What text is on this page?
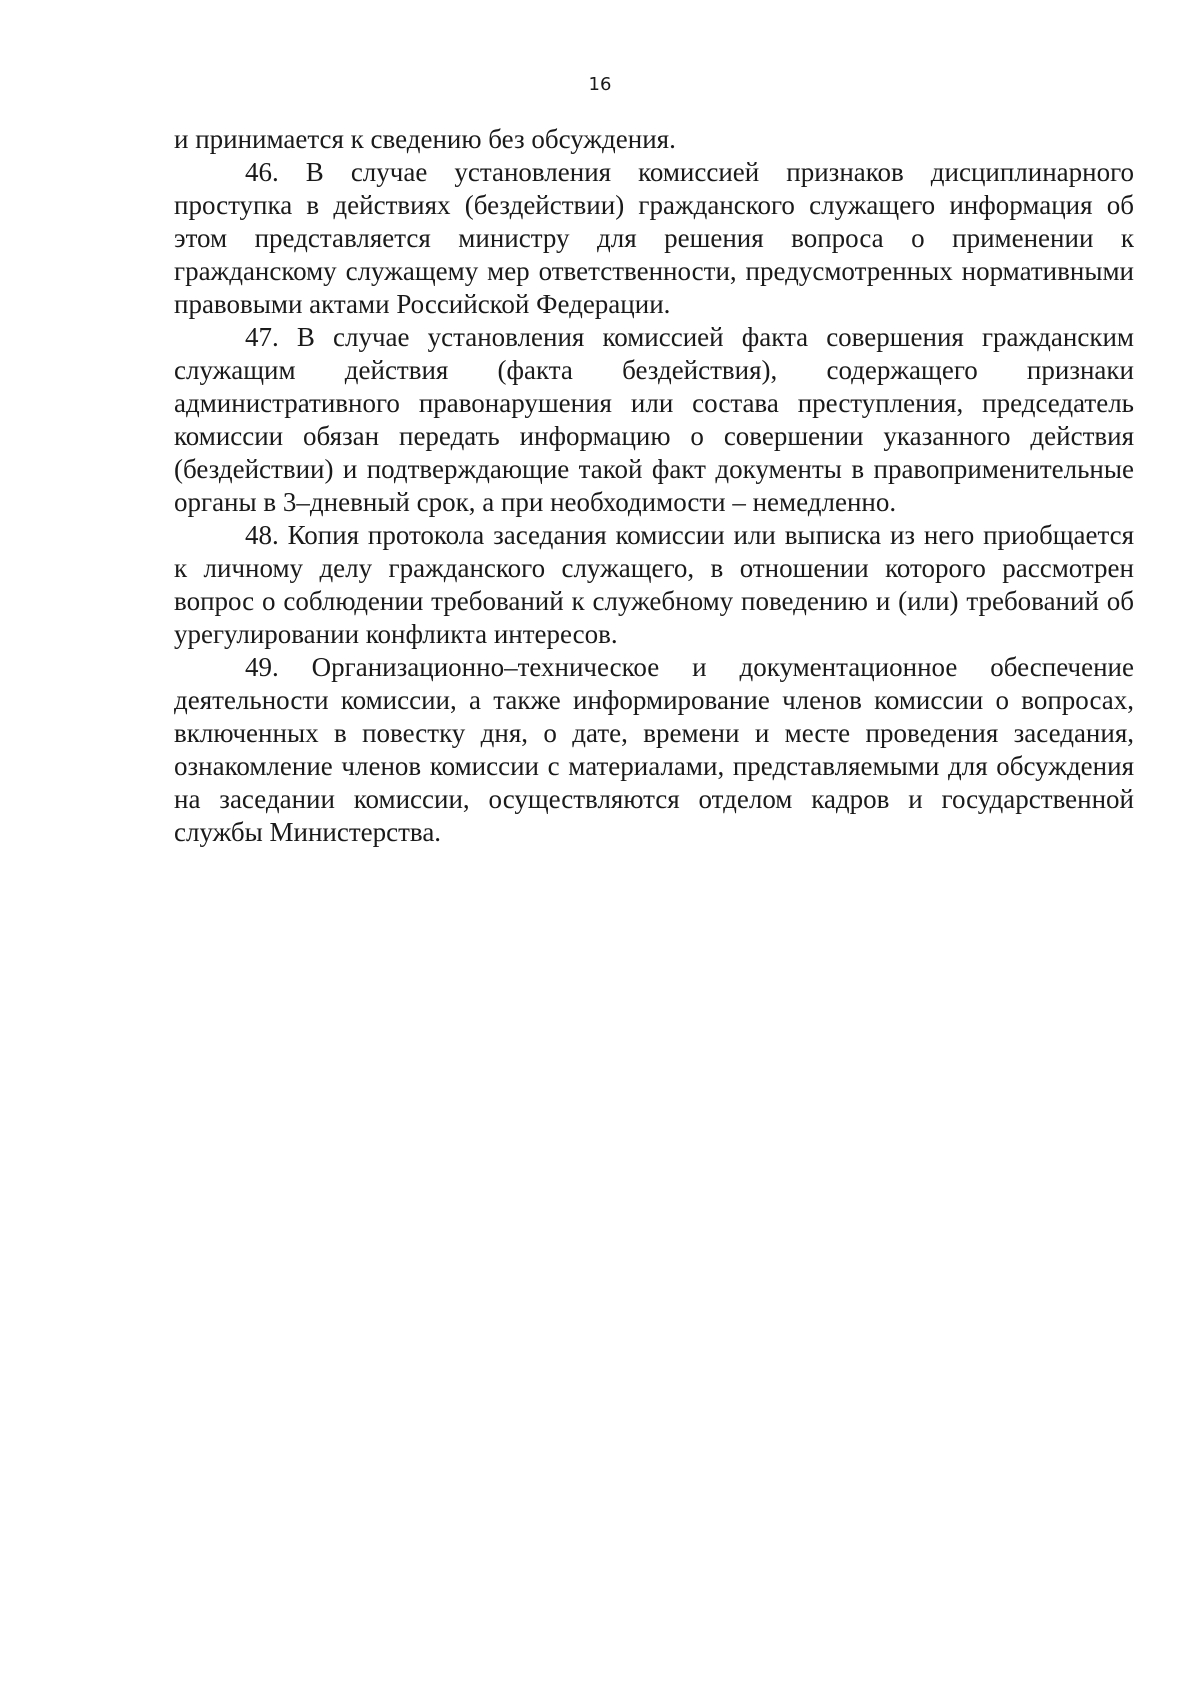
16

и принимается к сведению без обсуждения.

46. В случае установления комиссией признаков дисциплинарного проступка в действиях (бездействии) гражданского служащего информация об этом представляется министру для решения вопроса о применении к гражданскому служащему мер ответственности, предусмотренных нормативными правовыми актами Российской Федерации.

47. В случае установления комиссией факта совершения гражданским служащим действия (факта бездействия), содержащего признаки административного правонарушения или состава преступления, председатель комиссии обязан передать информацию о совершении указанного действия (бездействии) и подтверждающие такой факт документы в правоприменительные органы в 3–дневный срок, а при необходимости – немедленно.

48. Копия протокола заседания комиссии или выписка из него приобщается к личному делу гражданского служащего, в отношении которого рассмотрен вопрос о соблюдении требований к служебному поведению и (или) требований об урегулировании конфликта интересов.

49. Организационно–техническое и документационное обеспечение деятельности комиссии, а также информирование членов комиссии о вопросах, включенных в повестку дня, о дате, времени и месте проведения заседания, ознакомление членов комиссии с материалами, представляемыми для обсуждения на заседании комиссии, осуществляются отделом кадров и государственной службы Министерства.
